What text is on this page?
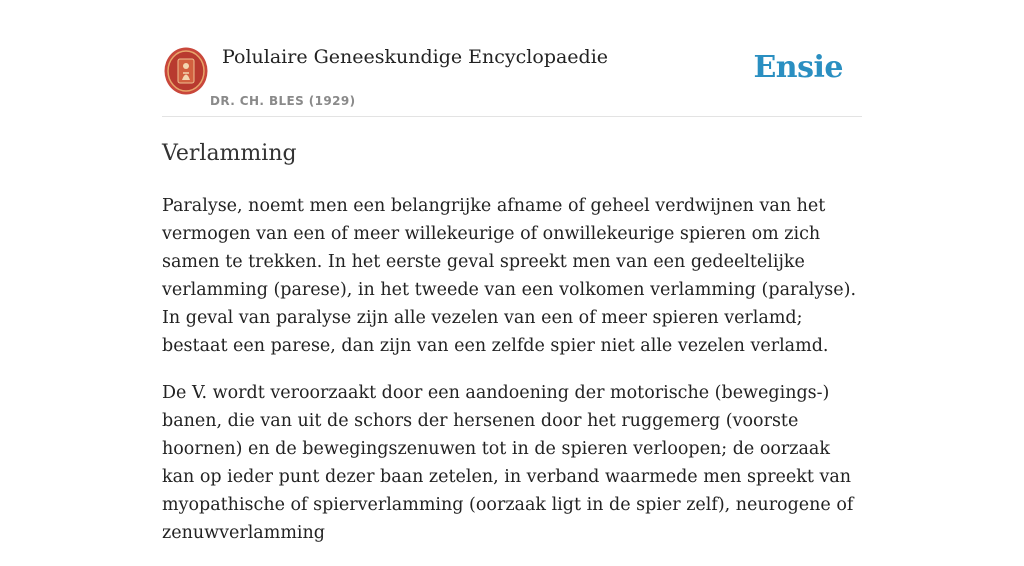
Polulaire Geneeskundige Encyclopaedie
DR. CH. BLES (1929)
Ensie
Verlamming

Paralyse, noemt men een belangrijke afname of geheel verdwijnen van het vermogen van een of meer willekeurige of onwillekeurige spieren om zich samen te trekken. In het eerste geval spreekt men van een gedeeltelijke verlamming (parese), in het tweede van een volkomen verlamming (paralyse). In geval van paralyse zijn alle vezelen van een of meer spieren verlamd; bestaat een parese, dan zijn van een zelfde spier niet alle vezelen verlamd.

De V. wordt veroorzaakt door een aandoening der motorische (bewegings-) banen, die van uit de schors der hersenen door het ruggemerg (voorste hoornen) en de bewegingszenuwen tot in de spieren verloopen; de oorzaak kan op ieder punt dezer baan zetelen, in verband waarmede men spreekt van myopathische of spierverlamming (oorzaak ligt in de spier zelf), neurogene of zenuwverlamming
